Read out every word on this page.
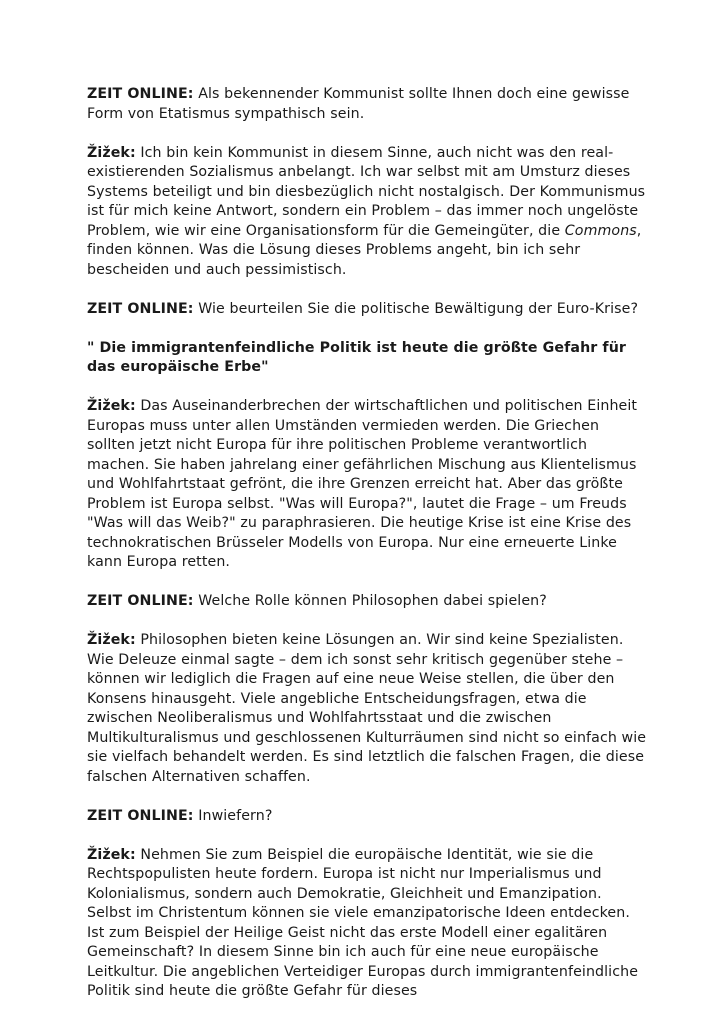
ZEIT ONLINE: Als bekennender Kommunist sollte Ihnen doch eine gewisse Form von Etatismus sympathisch sein.

Žižek: Ich bin kein Kommunist in diesem Sinne, auch nicht was den real-existierenden Sozialismus anbelangt. Ich war selbst mit am Umsturz dieses Systems beteiligt und bin diesbezüglich nicht nostalgisch. Der Kommunismus ist für mich keine Antwort, sondern ein Problem – das immer noch ungelöste Problem, wie wir eine Organisationsform für die Gemeingüter, die Commons, finden können. Was die Lösung dieses Problems angeht, bin ich sehr bescheiden und auch pessimistisch.

ZEIT ONLINE: Wie beurteilen Sie die politische Bewältigung der Euro-Krise?

" Die immigrantenfeindliche Politik ist heute die größte Gefahr für das europäische Erbe"

Žižek: Das Auseinanderbrechen der wirtschaftlichen und politischen Einheit Europas muss unter allen Umständen vermieden werden. Die Griechen sollten jetzt nicht Europa für ihre politischen Probleme verantwortlich machen. Sie haben jahrelang einer gefährlichen Mischung aus Klientelismus und Wohlfahrtstaat gefrönt, die ihre Grenzen erreicht hat. Aber das größte Problem ist Europa selbst. "Was will Europa?", lautet die Frage – um Freuds "Was will das Weib?" zu paraphrasieren. Die heutige Krise ist eine Krise des technokratischen Brüsseler Modells von Europa. Nur eine erneuerte Linke kann Europa retten.

ZEIT ONLINE: Welche Rolle können Philosophen dabei spielen?

Žižek: Philosophen bieten keine Lösungen an. Wir sind keine Spezialisten. Wie Deleuze einmal sagte – dem ich sonst sehr kritisch gegenüber stehe – können wir lediglich die Fragen auf eine neue Weise stellen, die über den Konsens hinausgeht. Viele angebliche Entscheidungsfragen, etwa die zwischen Neoliberalismus und Wohlfahrtsstaat und die zwischen Multikulturalismus und geschlossenen Kulturräumen sind nicht so einfach wie sie vielfach behandelt werden. Es sind letztlich die falschen Fragen, die diese falschen Alternativen schaffen.

ZEIT ONLINE: Inwiefern?

Žižek: Nehmen Sie zum Beispiel die europäische Identität, wie sie die Rechtspopulisten heute fordern. Europa ist nicht nur Imperialismus und Kolonialismus, sondern auch Demokratie, Gleichheit und Emanzipation. Selbst im Christentum können sie viele emanzipatorische Ideen entdecken. Ist zum Beispiel der Heilige Geist nicht das erste Modell einer egalitären Gemeinschaft? In diesem Sinne bin ich auch für eine neue europäische Leitkultur. Die angeblichen Verteidiger Europas durch immigrantenfeindliche Politik sind heute die größte Gefahr für dieses
